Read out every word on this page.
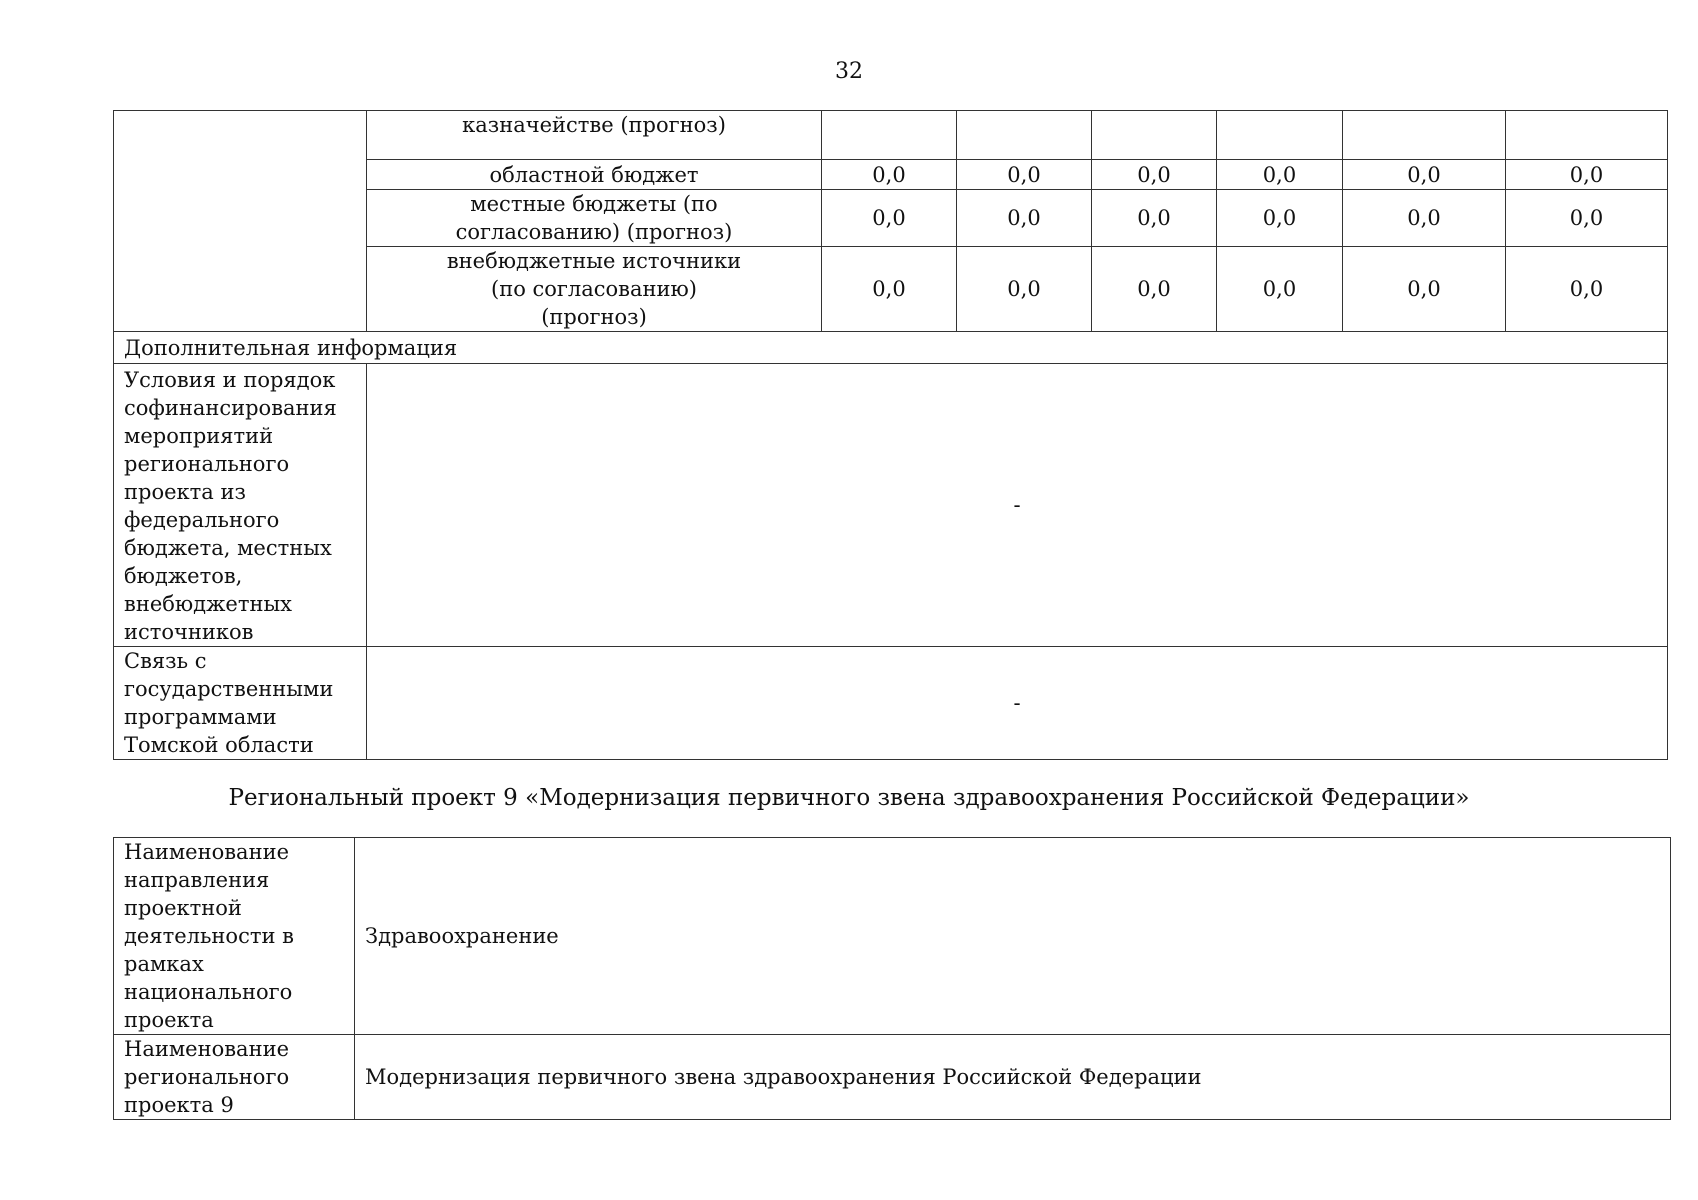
32
	казначействе (прогноз)						
	областной бюджет	0,0	0,0	0,0	0,0	0,0	0,0
	местные бюджеты (по согласованию) (прогноз)	0,0	0,0	0,0	0,0	0,0	0,0
	внебюджетные источники (по согласованию) (прогноз)	0,0	0,0	0,0	0,0	0,0	0,0
Дополнительная информация							
Условия и порядок софинансирования мероприятий регионального проекта из федерального бюджета, местных бюджетов, внебюджетных источников	-						
Связь с государственными программами Томской области	-						
Региональный проект 9 «Модернизация первичного звена здравоохранения Российской Федерации»
Наименование направления проектной деятельности в рамках национального проекта	Здравоохранение
Наименование регионального проекта 9	Модернизация первичного звена здравоохранения Российской Федерации
